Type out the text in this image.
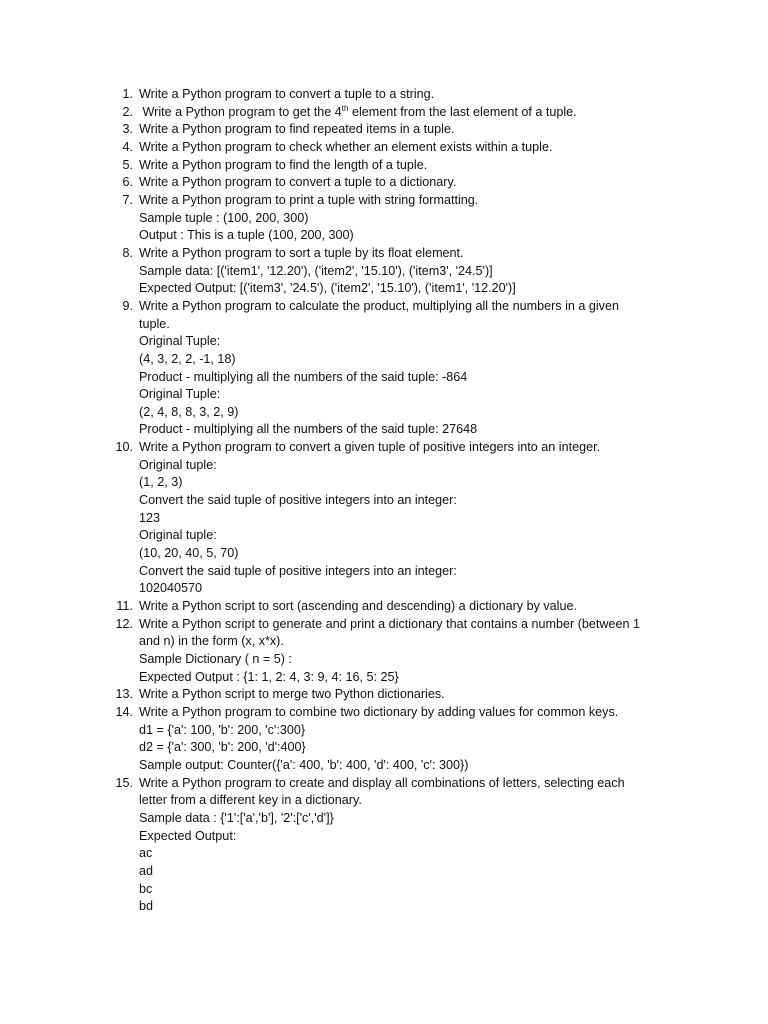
1. Write a Python program to convert a tuple to a string.
2. Write a Python program to get the 4th element from the last element of a tuple.
3. Write a Python program to find repeated items in a tuple.
4. Write a Python program to check whether an element exists within a tuple.
5. Write a Python program to find the length of a tuple.
6. Write a Python program to convert a tuple to a dictionary.
7. Write a Python program to print a tuple with string formatting.
Sample tuple : (100, 200, 300)
Output : This is a tuple (100, 200, 300)
8. Write a Python program to sort a tuple by its float element.
Sample data: [('item1', '12.20'), ('item2', '15.10'), ('item3', '24.5')]
Expected Output: [('item3', '24.5'), ('item2', '15.10'), ('item1', '12.20')]
9. Write a Python program to calculate the product, multiplying all the numbers in a given
tuple.
Original Tuple:
(4, 3, 2, 2, -1, 18)
Product - multiplying all the numbers of the said tuple: -864
Original Tuple:
(2, 4, 8, 8, 3, 2, 9)
Product - multiplying all the numbers of the said tuple: 27648
10. Write a Python program to convert a given tuple of positive integers into an integer.
Original tuple:
(1, 2, 3)
Convert the said tuple of positive integers into an integer:
123
Original tuple:
(10, 20, 40, 5, 70)
Convert the said tuple of positive integers into an integer:
102040570
11. Write a Python script to sort (ascending and descending) a dictionary by value.
12. Write a Python script to generate and print a dictionary that contains a number (between 1
and n) in the form (x, x*x).
Sample Dictionary ( n = 5) :
Expected Output : {1: 1, 2: 4, 3: 9, 4: 16, 5: 25}
13. Write a Python script to merge two Python dictionaries.
14. Write a Python program to combine two dictionary by adding values for common keys.
d1 = {'a': 100, 'b': 200, 'c':300}
d2 = {'a': 300, 'b': 200, 'd':400}
Sample output: Counter({'a': 400, 'b': 400, 'd': 400, 'c': 300})
15. Write a Python program to create and display all combinations of letters, selecting each
letter from a different key in a dictionary.
Sample data : {'1':['a','b'], '2':['c','d']}
Expected Output:
ac
ad
bc
bd
